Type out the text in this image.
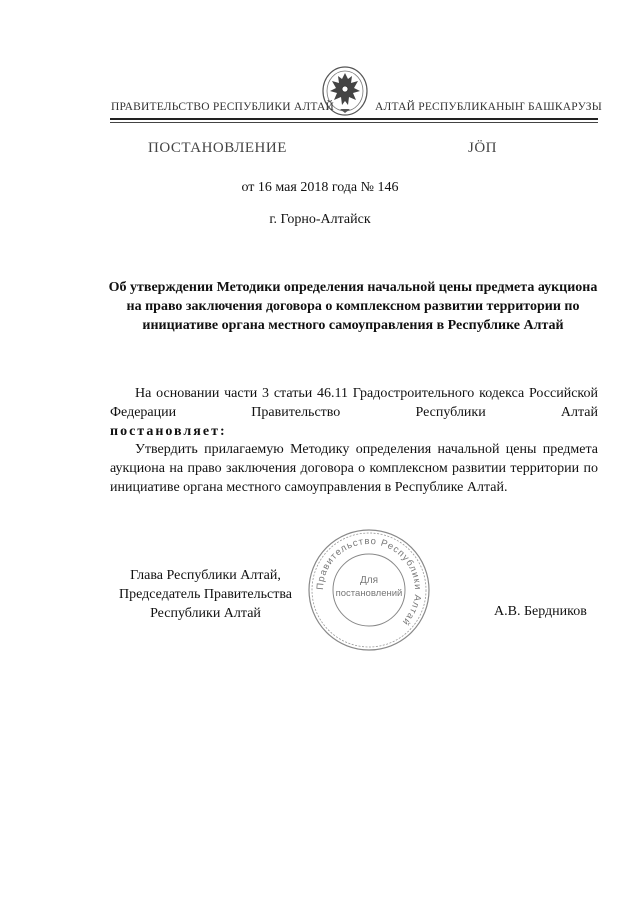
ПРАВИТЕЛЬСТВО РЕСПУБЛИКИ АЛТАЙ	АЛТАЙ РЕСПУБЛИКАНЫҤ БАШКАРУЗЫ
ПОСТАНОВЛЕНИЕ	ЈӦП
от 16 мая 2018 года № 146
г. Горно-Алтайск
Об утверждении Методики определения начальной цены предмета аукциона на право заключения договора о комплексном развитии территории по инициативе органа местного самоуправления в Республике Алтай
На основании части 3 статьи 46.11 Градостроительного кодекса Российской Федерации Правительство Республики Алтай
постановляет:
Утвердить прилагаемую Методику определения начальной цены предмета аукциона на право заключения договора о комплексном развитии территории по инициативе органа местного самоуправления в Республике Алтай.
Глава Республики Алтай,
Председатель Правительства
Республики Алтай	А.В. Бердников
Правительство Республики Алтай
Для
постановлений
